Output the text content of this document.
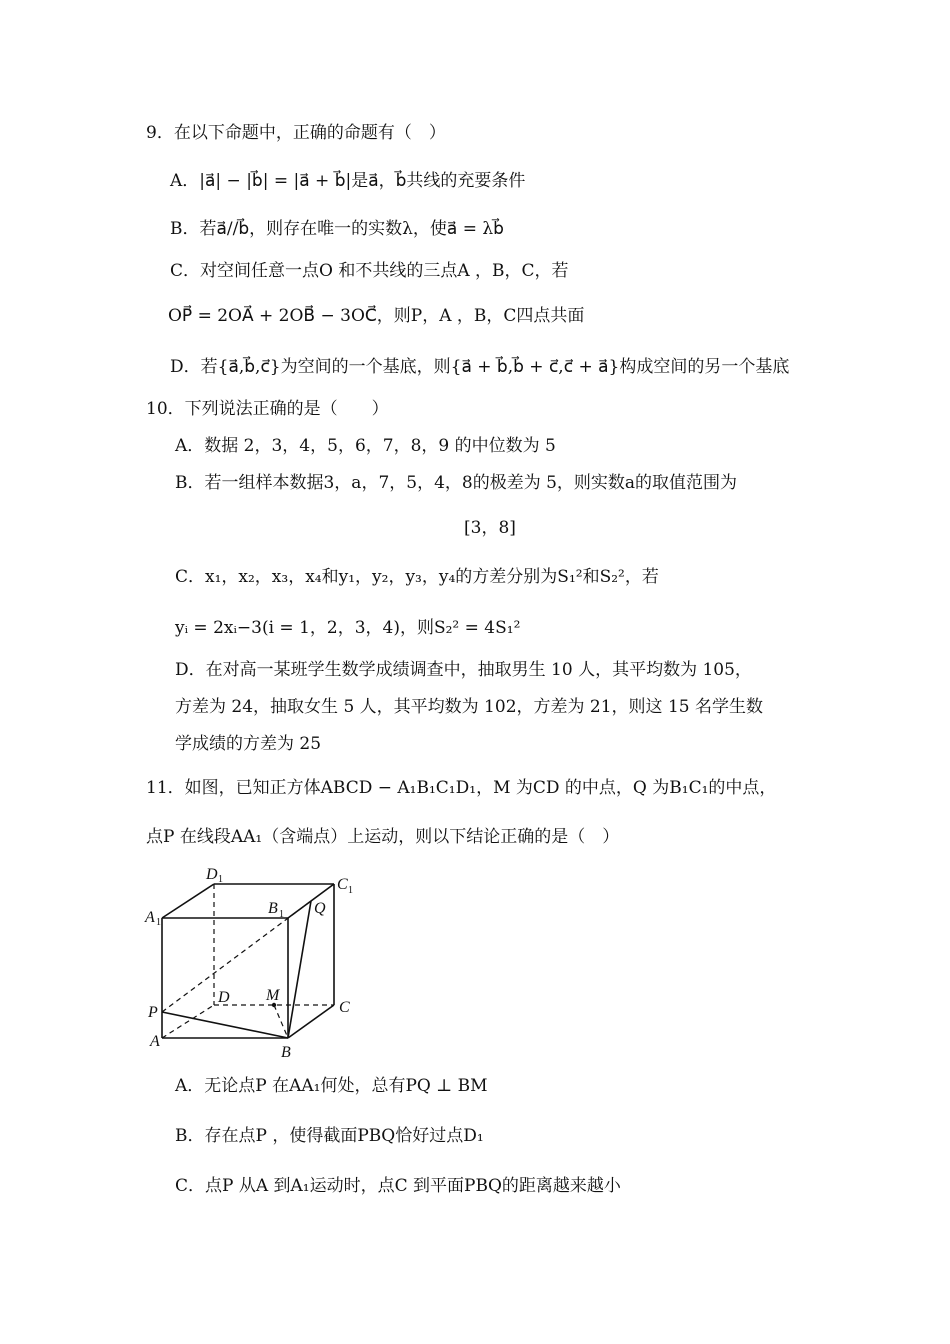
9．在以下命题中，正确的命题有（　）
A．|a⃗| − |b⃗| = |a⃗ + b⃗|是a⃗，b⃗共线的充要条件
B．若a⃗//b⃗，则存在唯一的实数λ，使a⃗ = λb⃗
C．对空间任意一点O 和不共线的三点A ，B，C，若
OP⃗ = 2OA⃗ + 2OB⃗ − 3OC⃗，则P，A ，B，C四点共面
D．若{a⃗,b⃗,c⃗}为空间的一个基底，则{a⃗ + b⃗,b⃗ + c⃗,c⃗ + a⃗}构成空间的另一个基底
10．下列说法正确的是（　　）
A．数据 2，3，4，5，6，7，8，9 的中位数为 5
B．若一组样本数据3，a，7，5，4，8的极差为 5，则实数a的取值范围为
[3，8]
C．x₁，x₂，x₃，x₄和y₁，y₂，y₃，y₄的方差分别为S₁²和S₂²，若
yᵢ = 2xᵢ−3(i = 1，2，3，4)，则S₂² = 4S₁²
D．在对高一某班学生数学成绩调查中，抽取男生 10 人，其平均数为 105，
方差为 24，抽取女生 5 人，其平均数为 102，方差为 21，则这 15 名学生数
学成绩的方差为 25
11．如图，已知正方体ABCD − A₁B₁C₁D₁，M 为CD 的中点，Q 为B₁C₁的中点，
点P 在线段AA₁（含端点）上运动，则以下结论正确的是（　）
D 1	C 1
A 1
B 1 Q
D M
C
P
A
B
A．无论点P 在AA₁何处，总有PQ ⊥ BM
B．存在点P ，使得截面PBQ恰好过点D₁
C．点P 从A 到A₁运动时，点C 到平面PBQ的距离越来越小
